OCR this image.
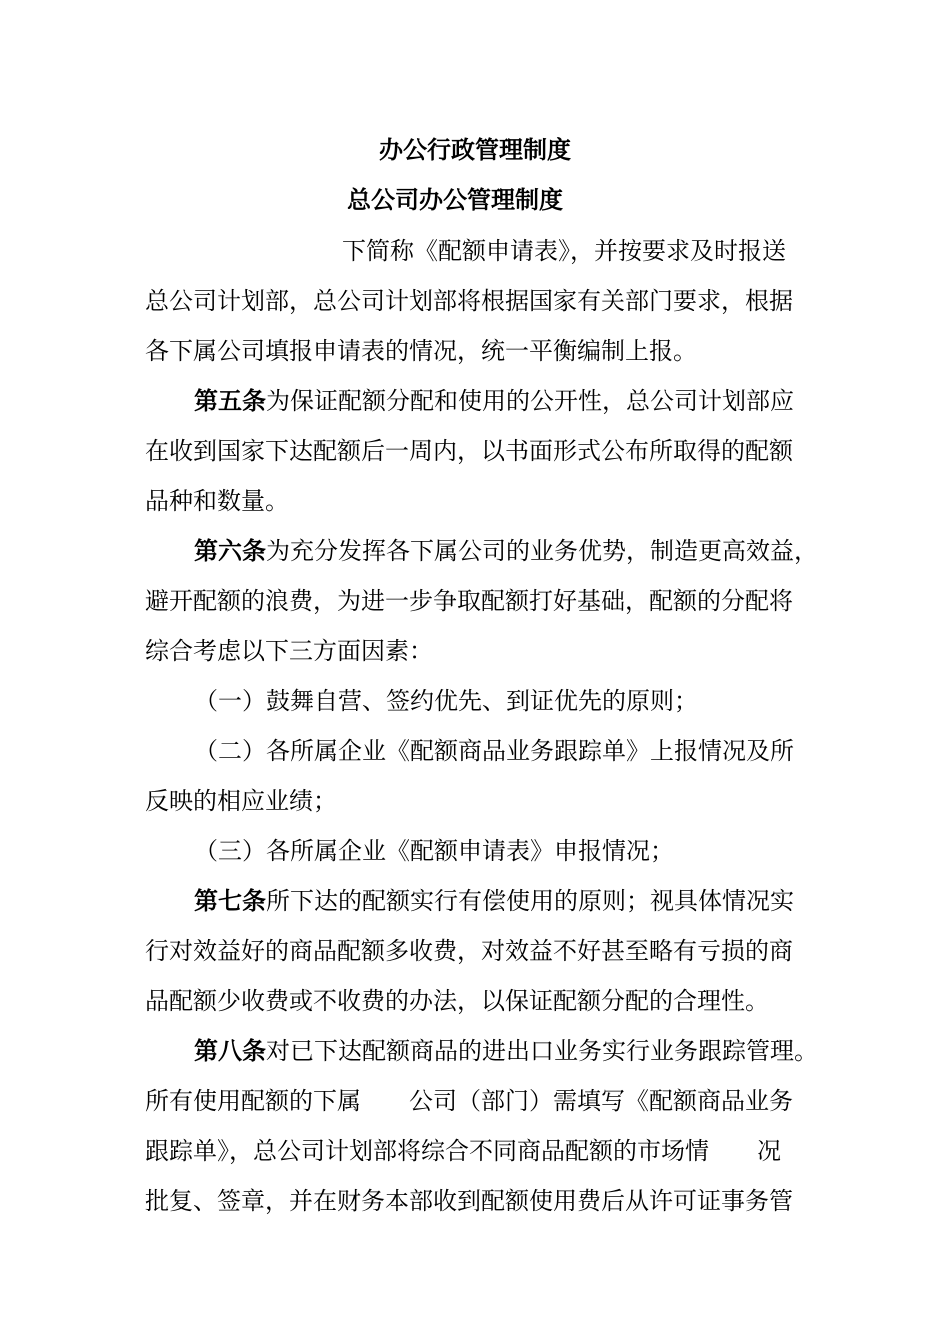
办公行政管理制度
总公司办公管理制度
下简称《配额申请表》，并按要求及时报送
总公司计划部，总公司计划部将根据国家有关部门要求，根据
各下属公司填报申请表的情况，统一平衡编制上报。
第五条为保证配额分配和使用的公开性，总公司计划部应
在收到国家下达配额后一周内，以书面形式公布所取得的配额
品种和数量。
第六条为充分发挥各下属公司的业务优势，制造更高效益，
避开配额的浪费，为进一步争取配额打好基础，配额的分配将
综合考虑以下三方面因素：
（一）鼓舞自营、签约优先、到证优先的原则；
（二）各所属企业《配额商品业务跟踪单》上报情况及所
反映的相应业绩；
（三）各所属企业《配额申请表》申报情况；
第七条所下达的配额实行有偿使用的原则；视具体情况实
行对效益好的商品配额多收费，对效益不好甚至略有亏损的商
品配额少收费或不收费的办法，以保证配额分配的合理性。
第八条对已下达配额商品的进出口业务实行业务跟踪管理。
所有使用配额的下属 公司（部门）需填写《配额商品业务
跟踪单》，总公司计划部将综合不同商品配额的市场情 况
批复、签章，并在财务本部收到配额使用费后从许可证事务管
